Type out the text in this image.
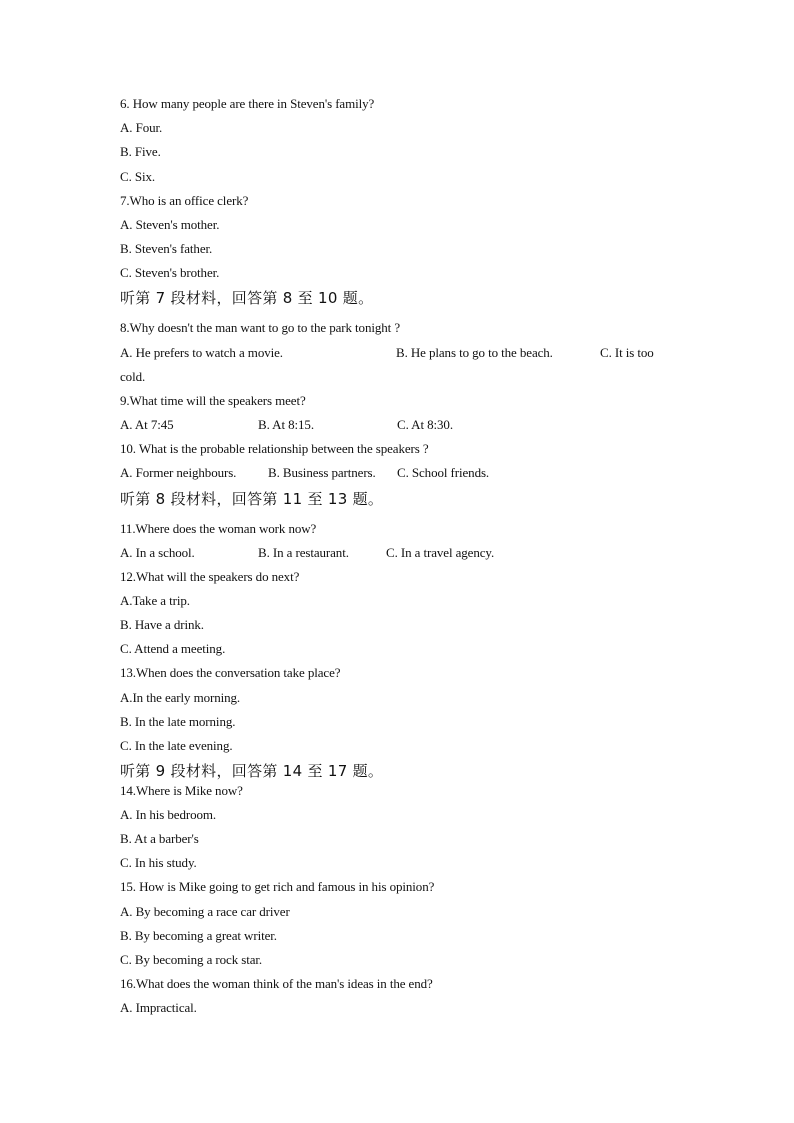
6. How many people are there in Steven's family?
A. Four.
B. Five.
C. Six.
7.Who is an office clerk?
A. Steven's mother.
B. Steven's father.
C. Steven's brother.
听第 7 段材料，回答第 8 至 10 题。
8.Why doesn't the man want to go to the park tonight ?
A. He prefers to watch a movie.	B. He plans to go to the beach.	C. It is too
cold.
9.What time will the speakers meet?
A. At 7:45	B. At 8:15.	C. At 8:30.
10. What is the probable relationship between the speakers ?
A. Former neighbours. B. Business partners. C. School friends.
听第 8 段材料，回答第 11 至 13 题。
11.Where does the woman work now?
A. In a school.	B. In a restaurant.	C. In a travel agency.
12.What will the speakers do next?
A.Take a trip.
B. Have a drink.
C. Attend a meeting.
13.When does the conversation take place?
A.In the early morning.
B. In the late morning.
C. In the late evening.
听第 9 段材料，回答第 14 至 17 题。
14.Where is Mike now?
A. In his bedroom.
B. At a barber's
C. In his study.
15. How is Mike going to get rich and famous in his opinion?
A. By becoming a race car driver
B. By becoming a great writer.
C. By becoming a rock star.
16.What does the woman think of the man's ideas in the end?
A. Impractical.
